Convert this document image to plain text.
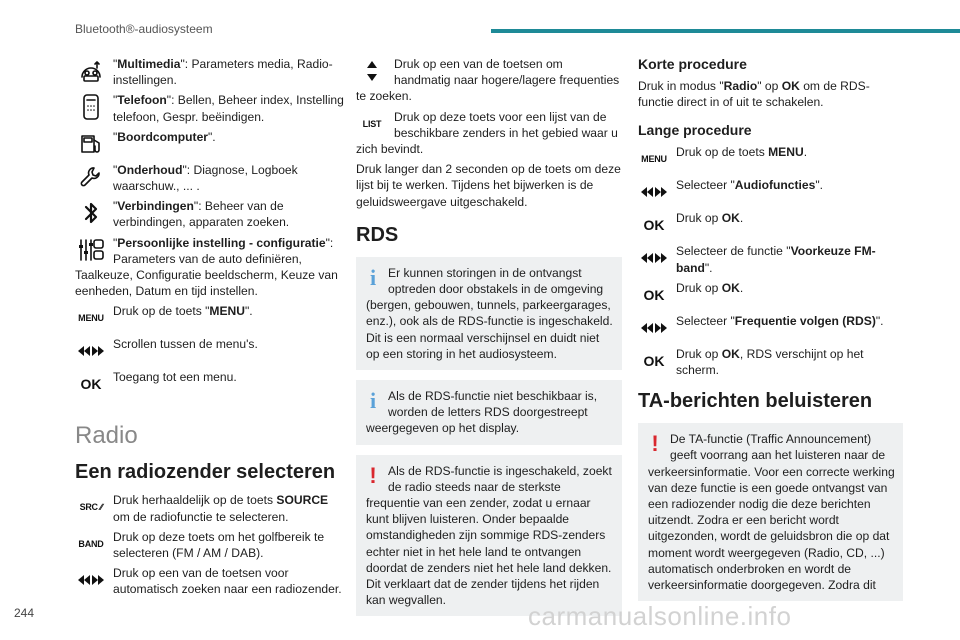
Bluetooth®-audiosysteem
"Multimedia": Parameters media, Radio-instellingen.
"Telefoon": Bellen, Beheer index, Instelling telefoon, Gespr. beëindigen.
"Boordcomputer".
"Onderhoud": Diagnose, Logboek waarschuw., ... .
"Verbindingen": Beheer van de verbindingen, apparaten zoeken.
"Persoonlijke instelling - configuratie": Parameters van de auto definiëren, Taalkeuze, Configuratie beeldscherm, Keuze van eenheden, Datum en tijd instellen.
MENU Druk op de toets "MENU".
Scrollen tussen de menu's.
OK Toegang tot een menu.
Radio
Een radiozender selecteren
SRC ∕∕ Druk herhaaldelijk op de toets SOURCE om de radiofunctie te selecteren.
BAND Druk op deze toets om het golfbereik te selecteren (FM / AM / DAB).
Druk op een van de toetsen voor automatisch zoeken naar een radiozender.
Druk op een van de toetsen om handmatig naar hogere/lagere frequenties te zoeken.
LIST Druk op deze toets voor een lijst van de beschikbare zenders in het gebied waar u zich bevindt.

Druk langer dan 2 seconden op de toets om deze lijst bij te werken. Tijdens het bijwerken is de geluidsweergave uitgeschakeld.

RDS
i Er kunnen storingen in de ontvangst optreden door obstakels in de omgeving (bergen, gebouwen, tunnels, parkeergarages, enz.), ook als de RDS-functie is ingeschakeld. Dit is een normaal verschijnsel en duidt niet op een storing in het audiosysteem.
i Als de RDS-functie niet beschikbaar is, worden de letters RDS doorgestreept weergegeven op het display.
! Als de RDS-functie is ingeschakeld, zoekt de radio steeds naar de sterkste frequentie van een zender, zodat u ernaar kunt blijven luisteren. Onder bepaalde omstandigheden zijn sommige RDS-zenders echter niet in het hele land te ontvangen doordat de zenders niet het hele land dekken. Dit verklaart dat de zender tijdens het rijden kan wegvallen.
Korte procedure

Druk in modus "Radio" op OK om de RDS-functie direct in of uit te schakelen.

Lange procedure
MENU Druk op de toets MENU.
Selecteer "Audiofuncties".
OK Druk op OK.
Selecteer de functie "Voorkeuze FM-band".
OK Druk op OK.
Selecteer "Frequentie volgen (RDS)".
OK Druk op OK, RDS verschijnt op het scherm.
TA-berichten beluisteren
! De TA-functie (Traffic Announcement) geeft voorrang aan het luisteren naar de verkeersinformatie. Voor een correcte werking van deze functie is een goede ontvangst van een radiozender nodig die deze berichten uitzendt. Zodra er een bericht wordt uitgezonden, wordt de geluidsbron die op dat moment wordt weergegeven (Radio, CD, ...) automatisch onderbroken en wordt de verkeersinformatie doorgegeven. Zodra dit
244	carmanualsonline.info
